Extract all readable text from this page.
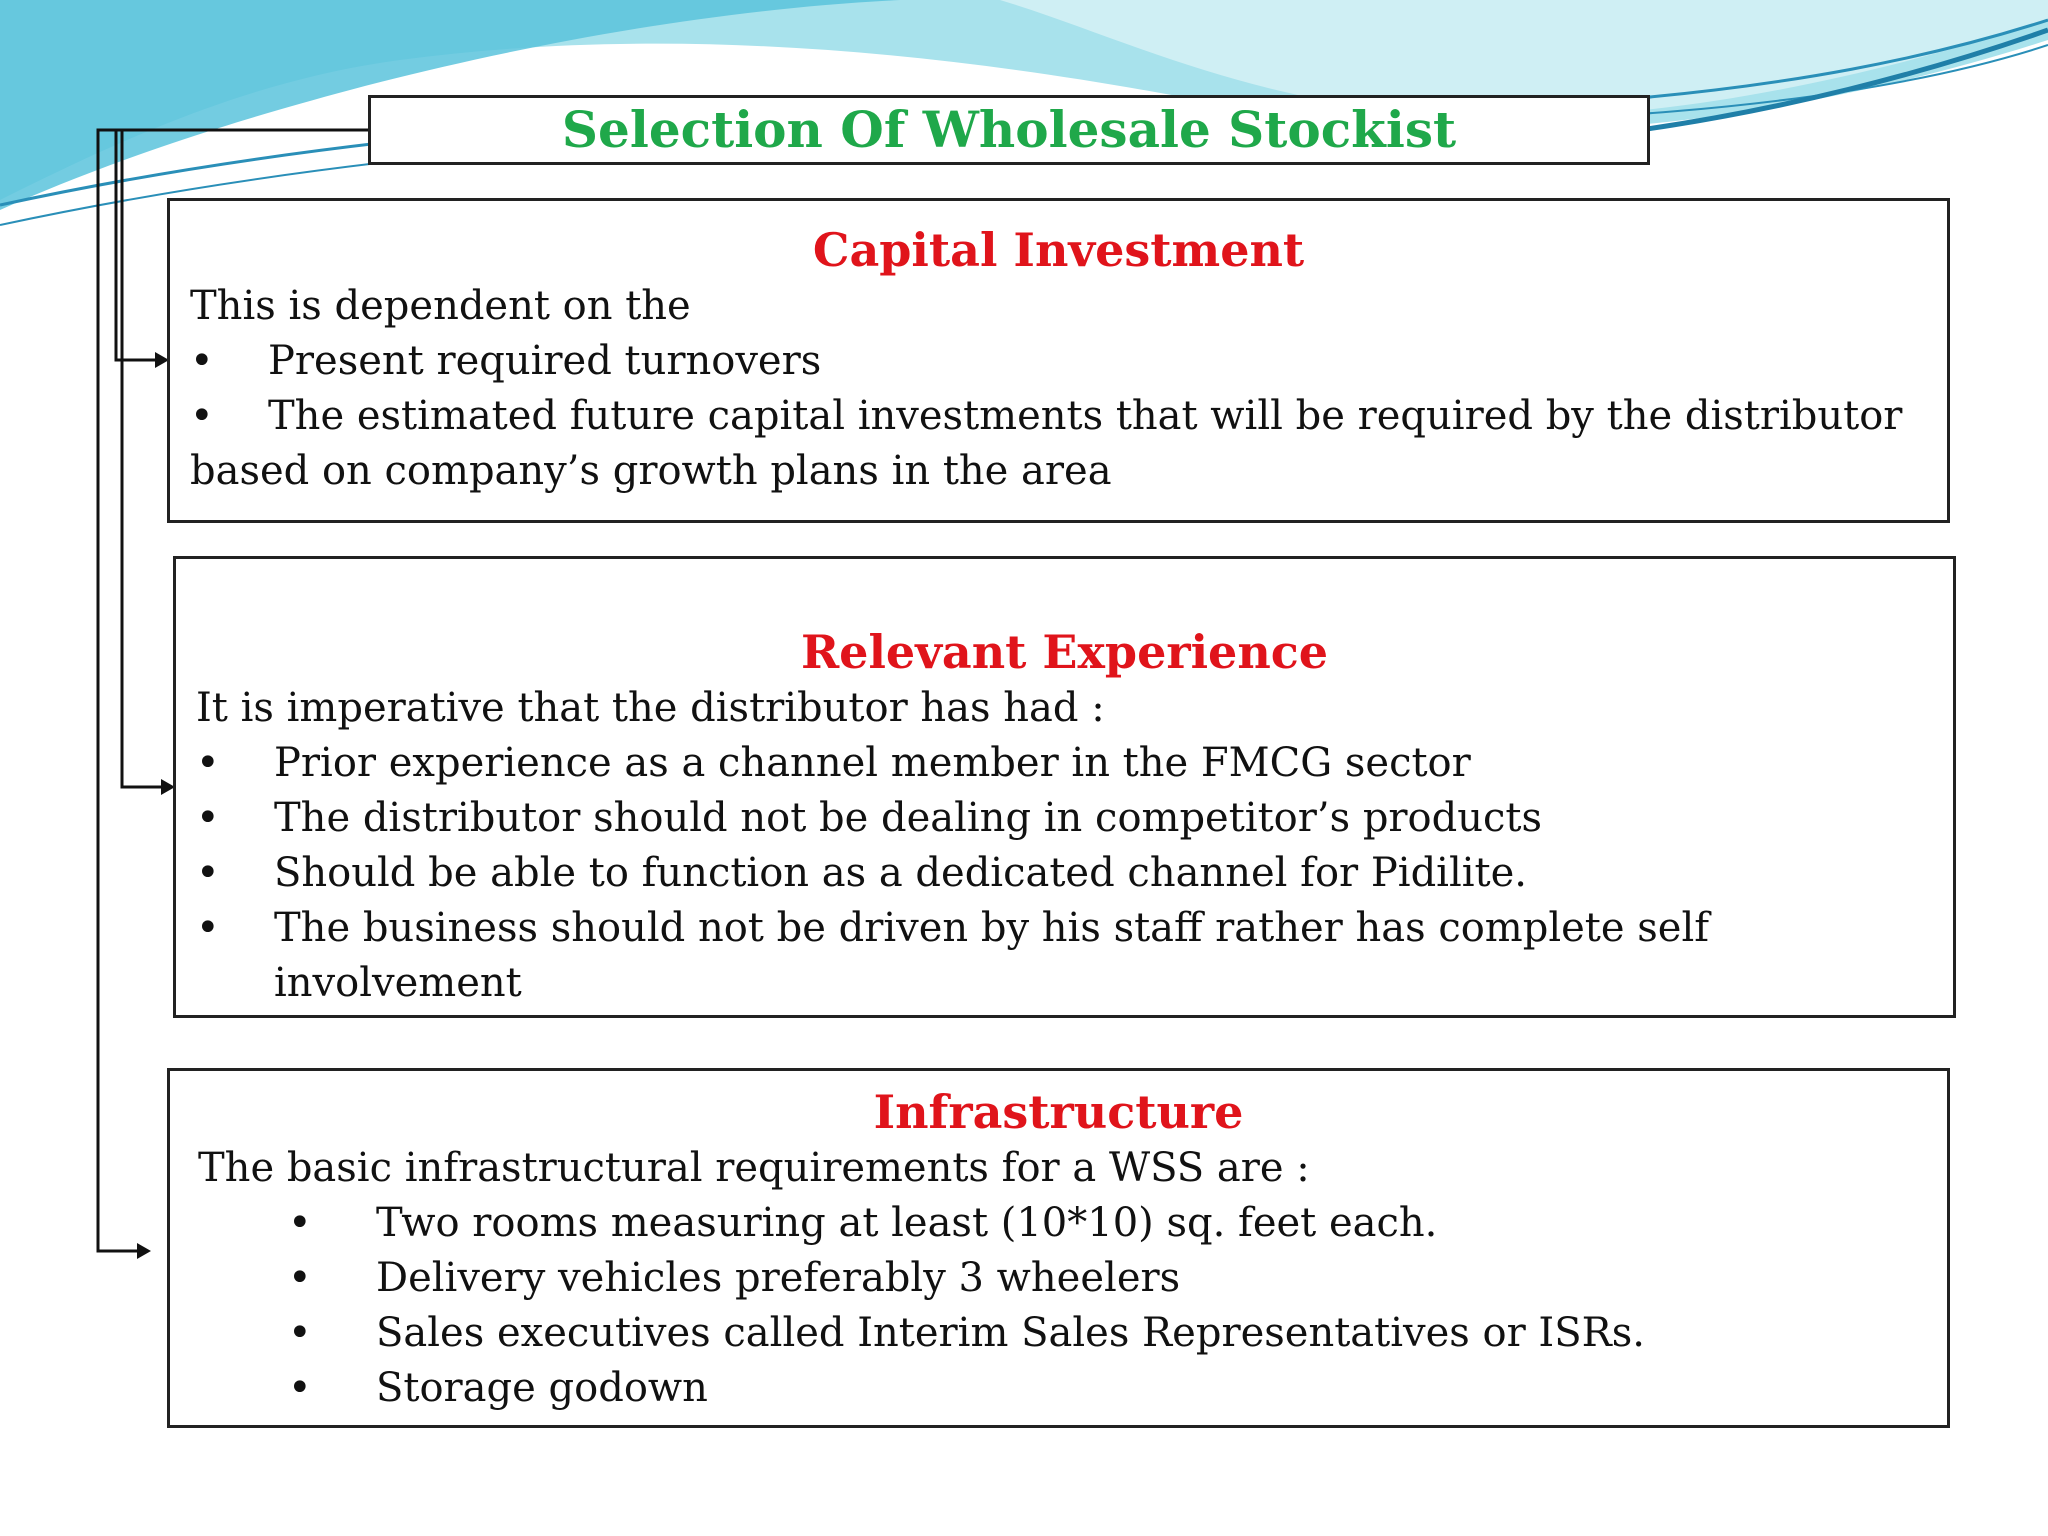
Selection Of Wholesale Stockist
Capital Investment
This is dependent on the
• Present required turnovers
• The estimated future capital investments that will be required by the distributor
based on company’s growth plans in the area
Relevant Experience
It is imperative that the distributor has had :
• Prior experience as a channel member in the FMCG sector
• The distributor should not be dealing in competitor’s products
• Should be able to function as a dedicated channel for Pidilite.
• The business should not be driven by his staff rather has complete self involvement
Infrastructure
The basic infrastructural requirements for a WSS are :
• Two rooms measuring at least (10*10) sq. feet each.
• Delivery vehicles preferably 3 wheelers
• Sales executives called Interim Sales Representatives or ISRs.
• Storage godown
